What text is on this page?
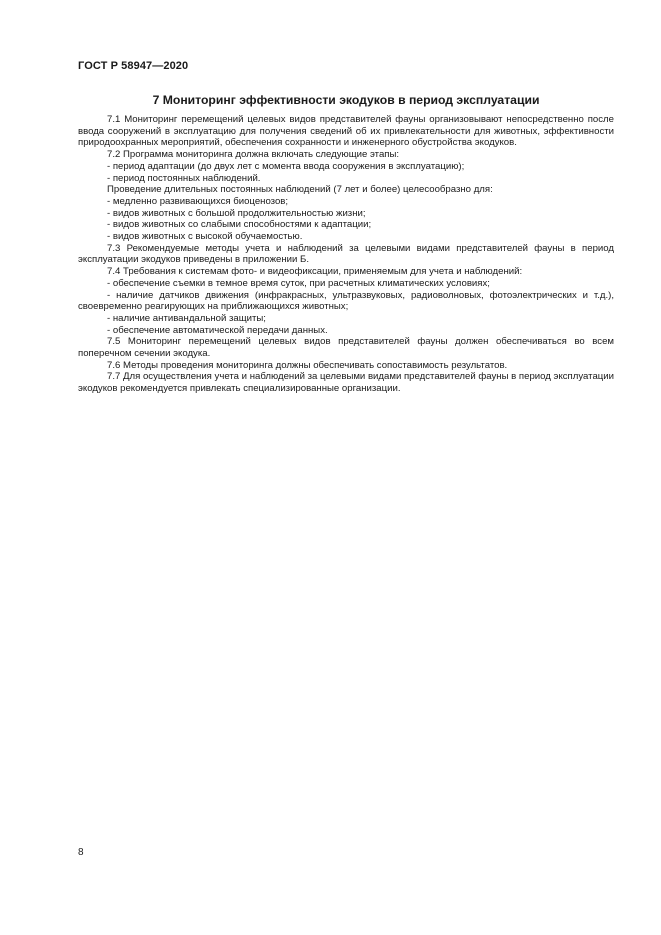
ГОСТ Р 58947—2020
7 Мониторинг эффективности экодуков в период эксплуатации

7.1 Мониторинг перемещений целевых видов представителей фауны организовывают непосредственно после ввода сооружений в эксплуатацию для получения сведений об их привлекательности для животных, эффективности природоохранных мероприятий, обеспечения сохранности и инженерного обустройства экодуков.

7.2 Программа мониторинга должна включать следующие этапы:

- период адаптации (до двух лет с момента ввода сооружения в эксплуатацию);

- период постоянных наблюдений.

Проведение длительных постоянных наблюдений (7 лет и более) целесообразно для:

- медленно развивающихся биоценозов;

- видов животных с большой продолжительностью жизни;

- видов животных со слабыми способностями к адаптации;

- видов животных с высокой обучаемостью.

7.3 Рекомендуемые методы учета и наблюдений за целевыми видами представителей фауны в период эксплуатации экодуков приведены в приложении Б.

7.4 Требования к системам фото- и видеофиксации, применяемым для учета и наблюдений:

- обеспечение съемки в темное время суток, при расчетных климатических условиях;

- наличие датчиков движения (инфракрасных, ультразвуковых, радиоволновых, фотоэлектрических и т.д.), своевременно реагирующих на приближающихся животных;

- наличие антивандальной защиты;

- обеспечение автоматической передачи данных.

7.5 Мониторинг перемещений целевых видов представителей фауны должен обеспечиваться во всем поперечном сечении экодука.

7.6 Методы проведения мониторинга должны обеспечивать сопоставимость результатов.

7.7 Для осуществления учета и наблюдений за целевыми видами представителей фауны в период эксплуатации экодуков рекомендуется привлекать специализированные организации.

8
